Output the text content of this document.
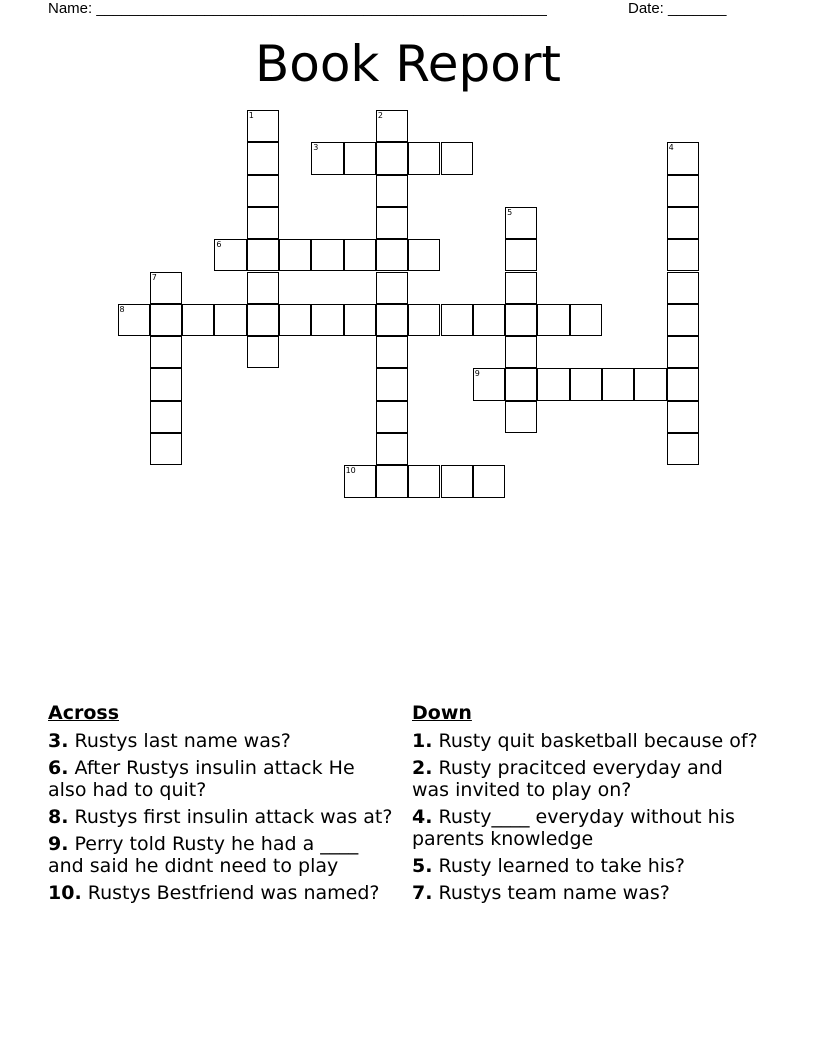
Name: ______________________________________________________	Date: _______
Book Report
1	2
3	4
5
6
7
8
9
10
Across
3. Rustys last name was?
6. After Rustys insulin attack He also had to quit?
8. Rustys first insulin attack was at?
9. Perry told Rusty he had a ____ and said he didnt need to play
10. Rustys Bestfriend was named?
Down
1. Rusty quit basketball because of?
2. Rusty pracitced everyday and was invited to play on?
4. Rusty____ everyday without his parents knowledge
5. Rusty learned to take his?
7. Rustys team name was?
